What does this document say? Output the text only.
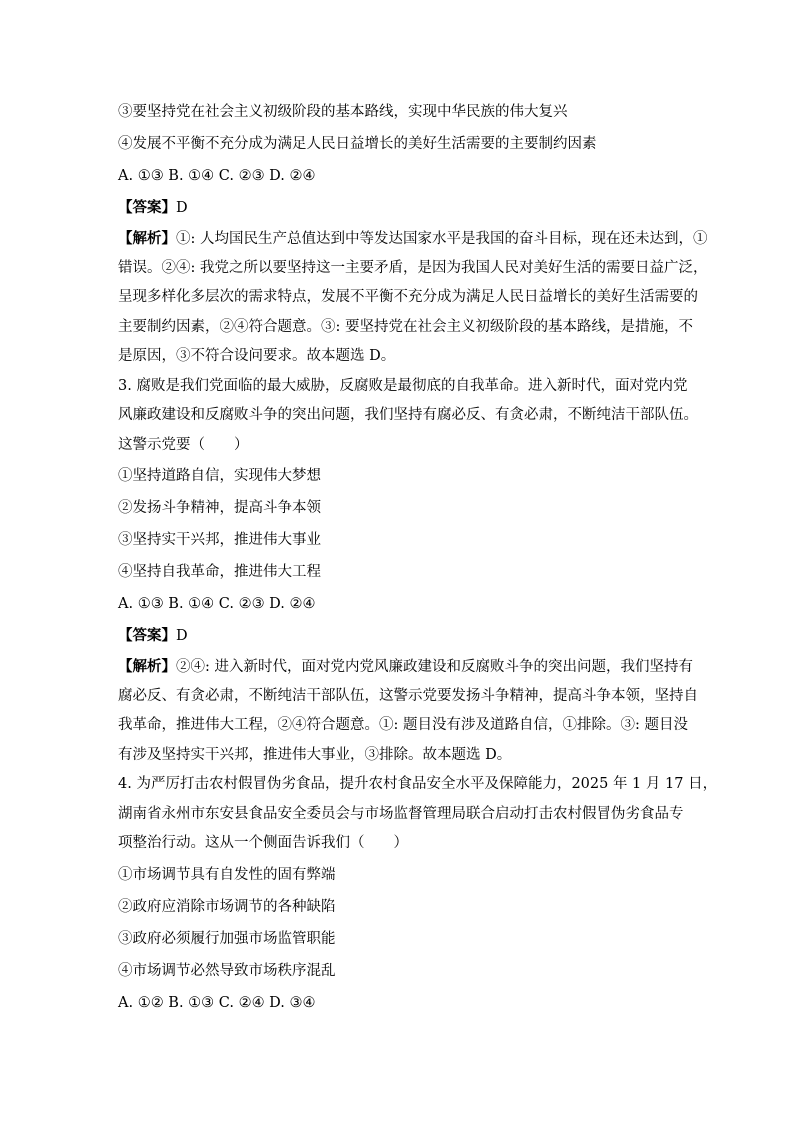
③要坚持党在社会主义初级阶段的基本路线，实现中华民族的伟大复兴
④发展不平衡不充分成为满足人民日益增长的美好生活需要的主要制约因素
A. ①③ B. ①④ C. ②③ D. ②④
【答案】D
【解析】①: 人均国民生产总值达到中等发达国家水平是我国的奋斗目标，现在还未达到，①
错误。②④: 我党之所以要坚持这一主要矛盾，是因为我国人民对美好生活的需要日益广泛，
呈现多样化多层次的需求特点，发展不平衡不充分成为满足人民日益增长的美好生活需要的
主要制约因素，②④符合题意。③: 要坚持党在社会主义初级阶段的基本路线，是措施，不
是原因，③不符合设问要求。故本题选 D。
3. 腐败是我们党面临的最大威胁，反腐败是最彻底的自我革命。进入新时代，面对党内党
风廉政建设和反腐败斗争的突出问题，我们坚持有腐必反、有贪必肃，不断纯洁干部队伍。
这警示党要（　　）
①坚持道路自信，实现伟大梦想
②发扬斗争精神，提高斗争本领
③坚持实干兴邦，推进伟大事业
④坚持自我革命，推进伟大工程
A. ①③ B. ①④ C. ②③ D. ②④
【答案】D
【解析】②④: 进入新时代，面对党内党风廉政建设和反腐败斗争的突出问题，我们坚持有
腐必反、有贪必肃，不断纯洁干部队伍，这警示党要发扬斗争精神，提高斗争本领，坚持自
我革命，推进伟大工程，②④符合题意。①: 题目没有涉及道路自信，①排除。③: 题目没
有涉及坚持实干兴邦，推进伟大事业，③排除。故本题选 D。
4. 为严厉打击农村假冒伪劣食品，提升农村食品安全水平及保障能力，2025 年 1 月 17 日，
湖南省永州市东安县食品安全委员会与市场监督管理局联合启动打击农村假冒伪劣食品专
项整治行动。这从一个侧面告诉我们（　　）
①市场调节具有自发性的固有弊端
②政府应消除市场调节的各种缺陷
③政府必须履行加强市场监管职能
④市场调节必然导致市场秩序混乱
A. ①② B. ①③ C. ②④ D. ③④
